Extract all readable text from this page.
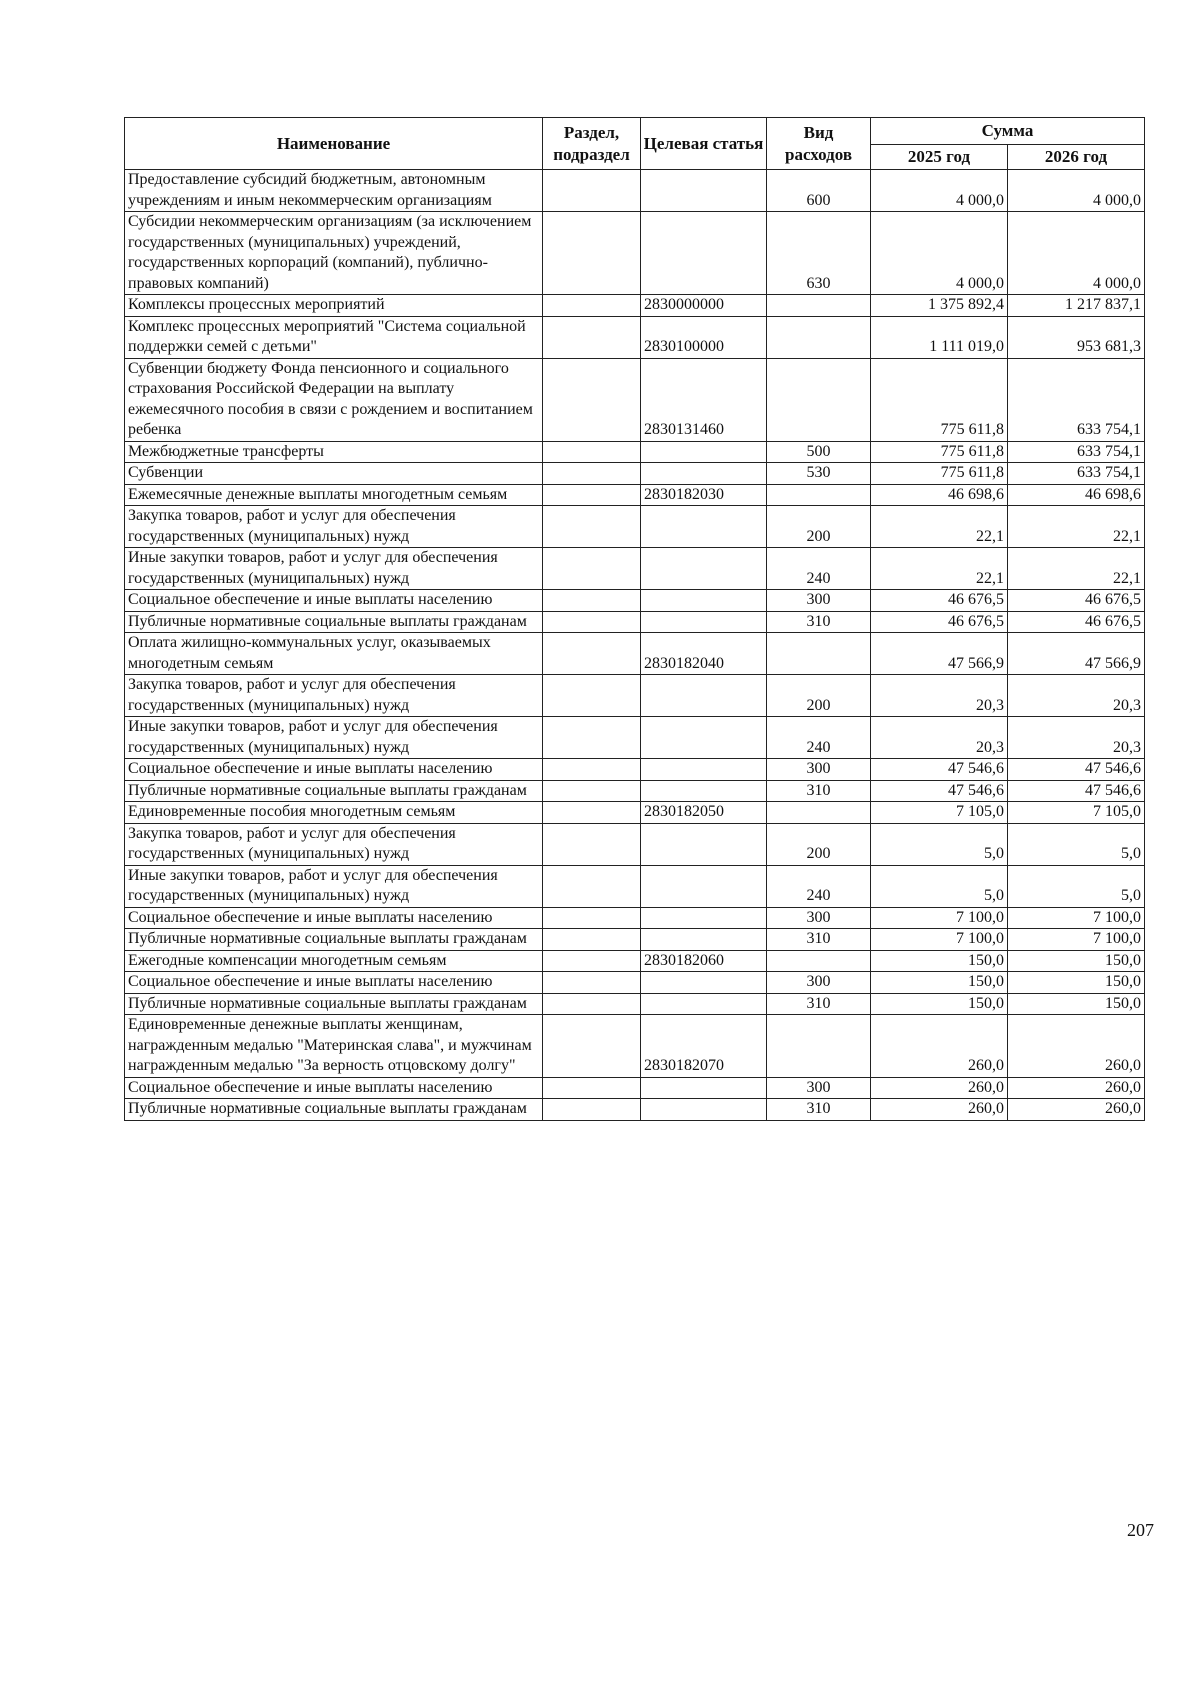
Наименование	Раздел, подраздел	Целевая статья	Вид расходов	Сумма	
				2025 год	2026 год
Предоставление субсидий бюджетным, автономным учреждениям и иным некоммерческим организациям			600	4 000,0	4 000,0
Субсидии некоммерческим организациям (за исключением государственных (муниципальных) учреждений, государственных корпораций (компаний), публично-правовых компаний)			630	4 000,0	4 000,0
Комплексы процессных мероприятий		2830000000		1 375 892,4	1 217 837,1
Комплекс процессных мероприятий "Система социальной поддержки семей с детьми"		2830100000		1 111 019,0	953 681,3
Субвенции бюджету Фонда пенсионного и социального страхования Российской Федерации на выплату ежемесячного пособия в связи с рождением и воспитанием ребенка		2830131460		775 611,8	633 754,1
Межбюджетные трансферты			500	775 611,8	633 754,1
Субвенции			530	775 611,8	633 754,1
Ежемесячные денежные выплаты многодетным семьям		2830182030		46 698,6	46 698,6
Закупка товаров, работ и услуг для обеспечения государственных (муниципальных) нужд			200	22,1	22,1
Иные закупки товаров, работ и услуг для обеспечения государственных (муниципальных) нужд			240	22,1	22,1
Социальное обеспечение и иные выплаты населению			300	46 676,5	46 676,5
Публичные нормативные социальные выплаты гражданам			310	46 676,5	46 676,5
Оплата жилищно-коммунальных услуг, оказываемых многодетным семьям		2830182040		47 566,9	47 566,9
Закупка товаров, работ и услуг для обеспечения государственных (муниципальных) нужд			200	20,3	20,3
Иные закупки товаров, работ и услуг для обеспечения государственных (муниципальных) нужд			240	20,3	20,3
Социальное обеспечение и иные выплаты населению			300	47 546,6	47 546,6
Публичные нормативные социальные выплаты гражданам			310	47 546,6	47 546,6
Единовременные пособия многодетным семьям		2830182050		7 105,0	7 105,0
Закупка товаров, работ и услуг для обеспечения государственных (муниципальных) нужд			200	5,0	5,0
Иные закупки товаров, работ и услуг для обеспечения государственных (муниципальных) нужд			240	5,0	5,0
Социальное обеспечение и иные выплаты населению			300	7 100,0	7 100,0
Публичные нормативные социальные выплаты гражданам			310	7 100,0	7 100,0
Ежегодные компенсации многодетным семьям		2830182060		150,0	150,0
Социальное обеспечение и иные выплаты населению			300	150,0	150,0
Публичные нормативные социальные выплаты гражданам			310	150,0	150,0
Единовременные денежные выплаты женщинам, награжденным медалью "Материнская слава", и мужчинам награжденным медалью "За верность отцовскому долгу"		2830182070		260,0	260,0
Социальное обеспечение и иные выплаты населению			300	260,0	260,0
Публичные нормативные социальные выплаты гражданам			310	260,0	260,0
207
